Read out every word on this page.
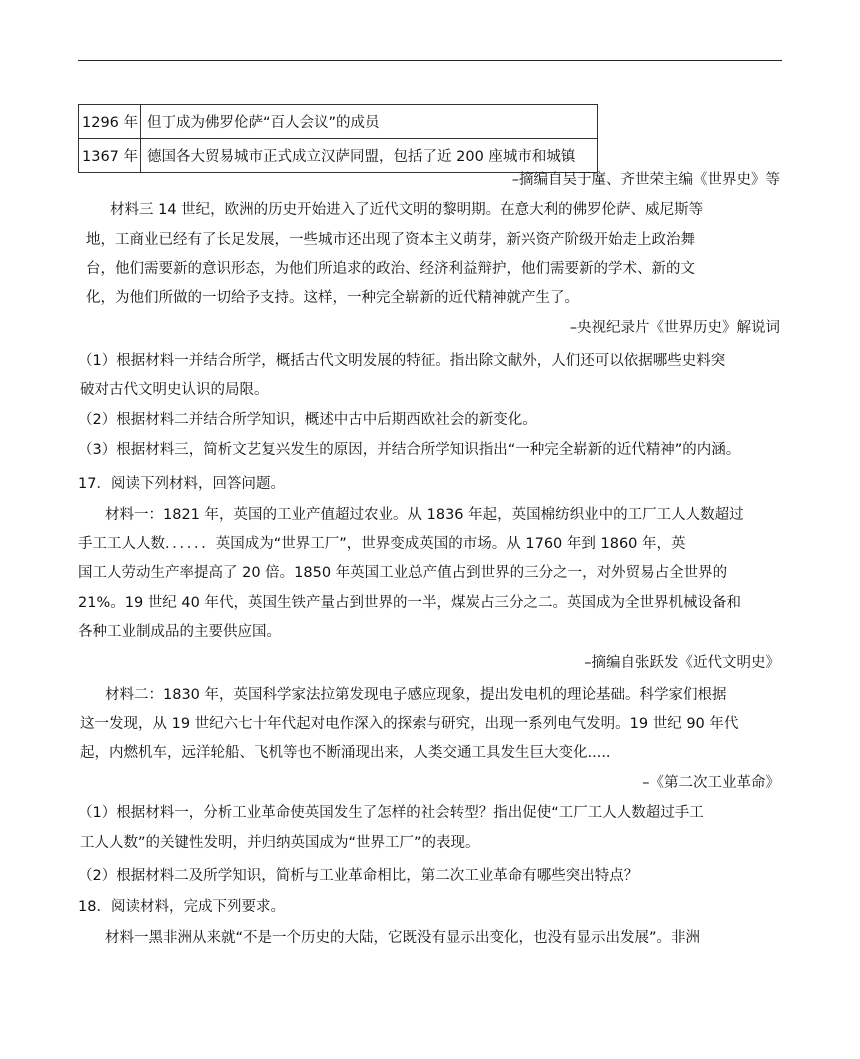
1296 年	但丁成为佛罗伦萨“百人会议”的成员
1367 年	德国各大贸易城市正式成立汉萨同盟，包括了近 200 座城市和城镇
–摘编自吴于廑、齐世荣主编《世界史》等
材料三 14 世纪，欧洲的历史开始进入了近代文明的黎明期。在意大利的佛罗伦萨、威尼斯等
地，工商业已经有了长足发展，一些城市还出现了资本主义萌芽，新兴资产阶级开始走上政治舞
台，他们需要新的意识形态，为他们所追求的政治、经济利益辩护，他们需要新的学术、新的文
化，为他们所做的一切给予支持。这样，一种完全崭新的近代精神就产生了。
–央视纪录片《世界历史》解说词
（1）根据材料一并结合所学，概括古代文明发展的特征。指出除文献外，人们还可以依据哪些史料突
破对古代文明史认识的局限。
（2）根据材料二并结合所学知识，概述中古中后期西欧社会的新变化。
（3）根据材料三，简析文艺复兴发生的原因，并结合所学知识指出“一种完全崭新的近代精神”的内涵。
17．阅读下列材料，回答问题。
材料一：1821 年，英国的工业产值超过农业。从 1836 年起，英国棉纺织业中的工厂工人人数超过
手工工人人数．．．．．．英国成为“世界工厂”，世界变成英国的市场。从 1760 年到 1860 年，英
国工人劳动生产率提高了 20 倍。1850 年英国工业总产值占到世界的三分之一，对外贸易占全世界的
21%。19 世纪 40 年代，英国生铁产量占到世界的一半，煤炭占三分之二。英国成为全世界机械设备和
各种工业制成品的主要供应国。
–摘编自张跃发《近代文明史》
材料二：1830 年，英国科学家法拉第发现电子感应现象，提出发电机的理论基础。科学家们根据
这一发现，从 19 世纪六七十年代起对电作深入的探索与研究，出现一系列电气发明。19 世纪 90 年代
起，内燃机车，远洋轮船、飞机等也不断涌现出来，人类交通工具发生巨大变化.....
–《第二次工业革命》
（1）根据材料一，分析工业革命使英国发生了怎样的社会转型？指出促使“工厂工人人数超过手工
工人人数”的关键性发明，并归纳英国成为“世界工厂”的表现。
（2）根据材料二及所学知识，简析与工业革命相比，第二次工业革命有哪些突出特点？
18．阅读材料，完成下列要求。
材料一黑非洲从来就“不是一个历史的大陆，它既没有显示出变化，也没有显示出发展”。非洲
